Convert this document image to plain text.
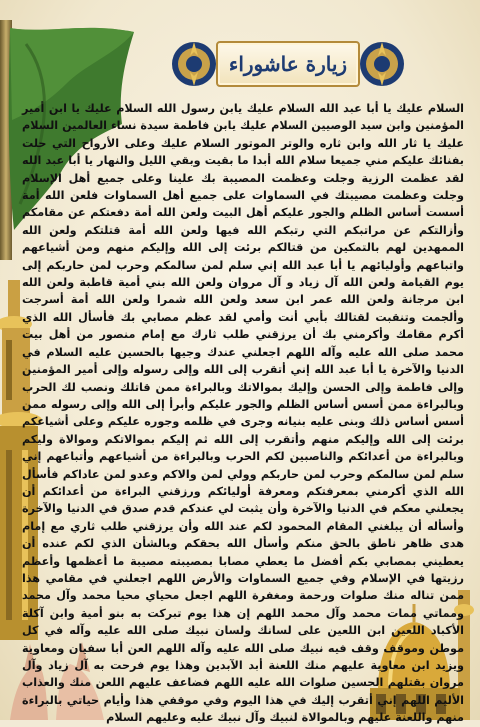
زيارة عاشوراء
السلام عليك يا أبا عبد الله السلام عليك يابن رسول الله السلام عليك يا ابن أمير المؤمنين وابن سيد الوصيين السلام عليك يابن فاطمة سيدة نساء العالمين السلام عليك يا ثار الله وابن ثاره والوتر الموتور السلام عليك وعلى الأرواح التي حلت بفنائك عليكم مني جميعا سلام الله أبدا ما بقيت وبقي الليل والنهار يا أبا عبد الله لقد عظمت الرزية وجلت وعظمت المصيبة بك علينا وعلى جميع أهل الإسلام وجلت وعظمت مصيبتك في السماوات على جميع أهل السماوات فلعن الله أمة أسست أساس الظلم والجور عليكم أهل البيت ولعن الله أمة دفعتكم عن مقامكم وأزالتكم عن مراتبكم التي رتبكم الله فيها ولعن الله أمة قتلتكم ولعن الله الممهدين لهم بالتمكين من قتالكم برئت إلى الله وإليكم منهم ومن أشياعهم واتباعهم وأوليائهم يا أبا عبد الله إني سلم لمن سالمكم وحرب لمن حاربكم إلى يوم القيامة ولعن الله آل زياد و آل مروان ولعن الله بني أمية قاطبة ولعن الله ابن مرجانة ولعن الله عمر ابن سعد ولعن الله شمرا ولعن الله أمة أسرجت وألجمت وتنقبت لقتالك بأبي أنت وأمي لقد عظم مصابي بك فأسأل الله الذي أكرم مقامك وأكرمني بك أن يرزقني طلب ثارك مع إمام منصور من أهل بيت محمد صلى الله عليه وآله اللهم اجعلني عندك وجيها بالحسين عليه السلام في الدنيا والآخرة يا أبا عبد الله إني أتقرب إلى الله وإلى رسوله وإلى أمير المؤمنين وإلى فاطمة وإلى الحسن وإليك بموالاتك وبالبراءة ممن قاتلك ونصب لك الحرب وبالبراءة ممن أسس أساس الظلم والجور عليكم وأبرأ إلى الله وإلى رسوله ممن أسس أساس ذلك وبنى عليه بنيانه وجرى في ظلمه وجوره عليكم وعلى أشياعكم برئت إلى الله وإليكم منهم وأتقرب إلى الله ثم إليكم بموالاتكم وموالاة وليكم وبالبراءة من أعدائكم والناصبين لكم الحرب وبالبراءة من أشياعهم وأتباعهم إني سلم لمن سالمكم وحرب لمن حاربكم وولي لمن والاكم وعدو لمن عاداكم فأسأل الله الذي أكرمني بمعرفتكم ومعرفة أوليائكم ورزقني البراءة من أعدائكم أن يجعلني معكم في الدنيا والآخرة وأن يثبت لي عندكم قدم صدق في الدنيا والآخرة وأسأله أن يبلغني المقام المحمود لكم عند الله وأن يرزقني طلب ثاري مع إمام هدى ظاهر ناطق بالحق منكم وأسأل الله بحقكم وبالشأن الذي لكم عنده أن يعطيني بمصابي بكم أفضل ما يعطي مصابا بمصيبته مصيبة ما أعظمها وأعظم رزيتها في الإسلام وفي جميع السماوات والأرض اللهم اجعلني في مقامي هذا ممن تناله منك صلوات ورحمة ومغفرة اللهم اجعل محياي محيا محمد وآل محمد ومماتي ممات محمد وآل محمد اللهم إن هذا يوم تبركت به بنو أمية وابن آكلة الأكباد اللعين ابن اللعين على لسانك ولسان نبيك صلى الله عليه وآله في كل موطن وموقف وقف فيه نبيك صلى الله عليه وآله اللهم العن أبا سفيان ومعاوية ويزيد ابن معاوية عليهم منك اللعنة أبد الآبدين وهذا يوم فرحت به آل زياد وآل مروان بقتلهم الحسين صلوات الله عليه اللهم فضاعف عليهم اللعن منك والعذاب الأليم اللهم إني أتقرب إليك في هذا اليوم وفي موقفي هذا وأيام حياتي بالبراءة منهم واللعنة عليهم وبالموالاة لنبيك وآل نبيك عليه وعليهم السلام
